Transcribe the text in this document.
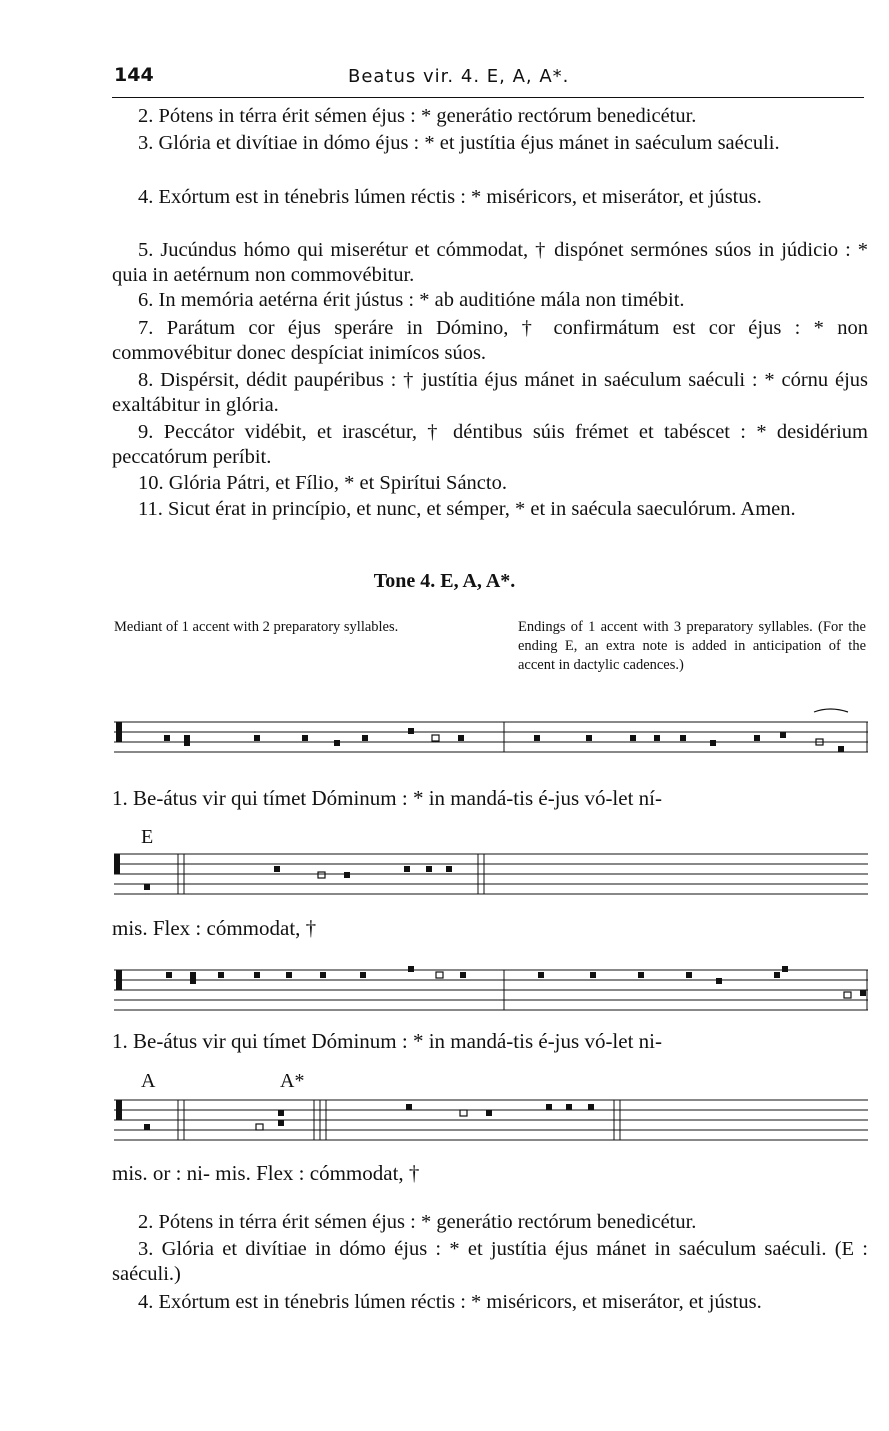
144	Beatus vir. 4. E, A, A*.
2. Pótens in térra érit sémen éjus : * generátio rectórum benedicétur.
3. Glória et divítiae in dómo éjus : * et justítia éjus mánet in saéculum saéculi.
4. Exórtum est in ténebris lúmen réctis : * miséricors, et miserátor, et jústus.
5. Jucúndus hómo qui miserétur et cómmodat, † dispónet sermónes súos in júdicio : * quia in aetérnum non commovébitur.
6. In memória aetérna érit jústus : * ab auditióne mála non timébit.
7. Parátum cor éjus speráre in Dómino, † confirmátum est cor éjus : * non commovébitur donec despíciat inimícos súos.
8. Dispérsit, dédit paupéribus : † justítia éjus mánet in saéculum saéculi : * córnu éjus exaltábitur in glória.
9. Peccátor vidébit, et irascétur, † déntibus súis frémet et tabéscet : * desidérium peccatórum períbit.
10. Glória Pátri, et Fílio, * et Spirítui Sáncto.
11. Sicut érat in princípio, et nunc, et sémper, * et in saécula saeculórum. Amen.
Tone 4. E, A, A*.
Mediant of 1 accent with 2 preparatory syllables.	Endings of 1 accent with 3 preparatory syllables. (For the ending E, an extra note is added in anticipation of the accent in dactylic cadences.)
1. Be-átus vir qui tímet Dóminum : * in mandá-tis é-jus vó-let ní-
E
mis. Flex : cómmodat, †
1. Be-átus vir qui tímet Dóminum : * in mandá-tis é-jus vó-let ni-
A	A*
mis. or : ni- mis. Flex : cómmodat, †
2. Pótens in térra érit sémen éjus : * generátio rectórum benedicétur.
3. Glória et divítiae in dómo éjus : * et justítia éjus mánet in saéculum saéculi. (E : saéculi.)
4. Exórtum est in ténebris lúmen réctis : * miséricors, et miserátor, et jústus.
